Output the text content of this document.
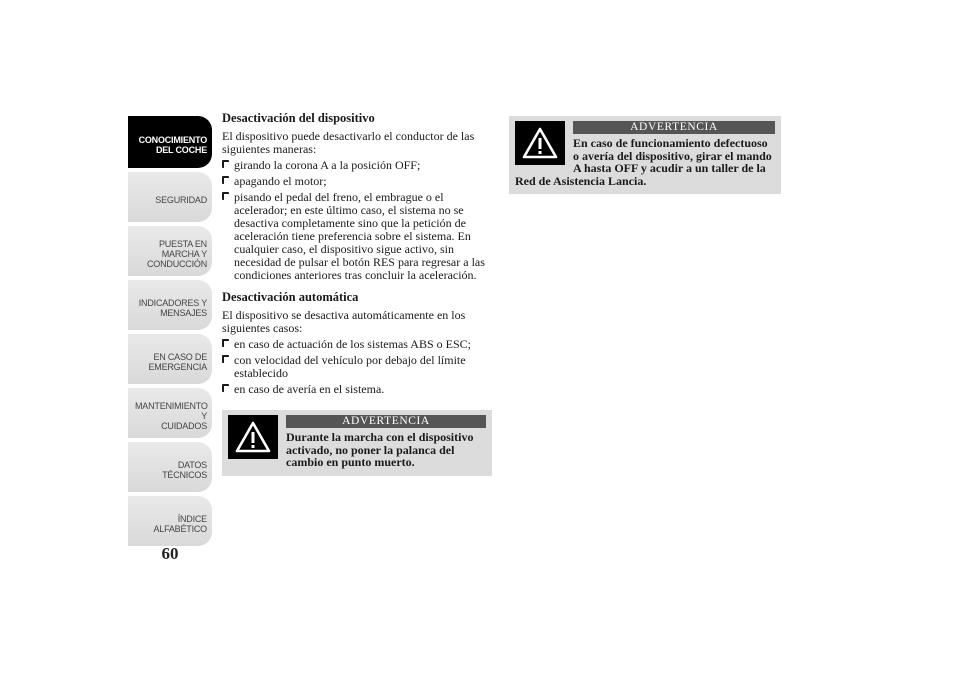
CONOCIMIENTO
DEL COCHE
SEGURIDAD
PUESTA EN
MARCHA Y
CONDUCCIÓN
INDICADORES Y
MENSAJES
EN CASO DE
EMERGENCIA
MANTENIMIENTO Y
CUIDADOS
DATOS TÉCNICOS
ÍNDICE
ALFABÉTICO
60
Desactivación del dispositivo

El dispositivo puede desactivarlo el conductor de las siguientes maneras:

girando la corona A a la posición OFF;
apagando el motor;
pisando el pedal del freno, el embrague o el acelerador; en este último caso, el sistema no se desactiva completamente sino que la petición de aceleración tiene preferencia sobre el sistema. En cualquier caso, el dispositivo sigue activo, sin necesidad de pulsar el botón RES para regresar a las condiciones anteriores tras concluir la aceleración.
Desactivación automática

El dispositivo se desactiva automáticamente en los siguientes casos:

en caso de actuación de los sistemas ABS o ESC;
con velocidad del vehículo por debajo del límite establecido
en caso de avería en el sistema.
ADVERTENCIA
Durante la marcha con el dispositivo activado, no poner la palanca del cambio en punto muerto.
ADVERTENCIA
En caso de funcionamiento defectuoso o avería del dispositivo, girar el mando A hasta OFF y acudir a un taller de la Red de Asistencia Lancia.
